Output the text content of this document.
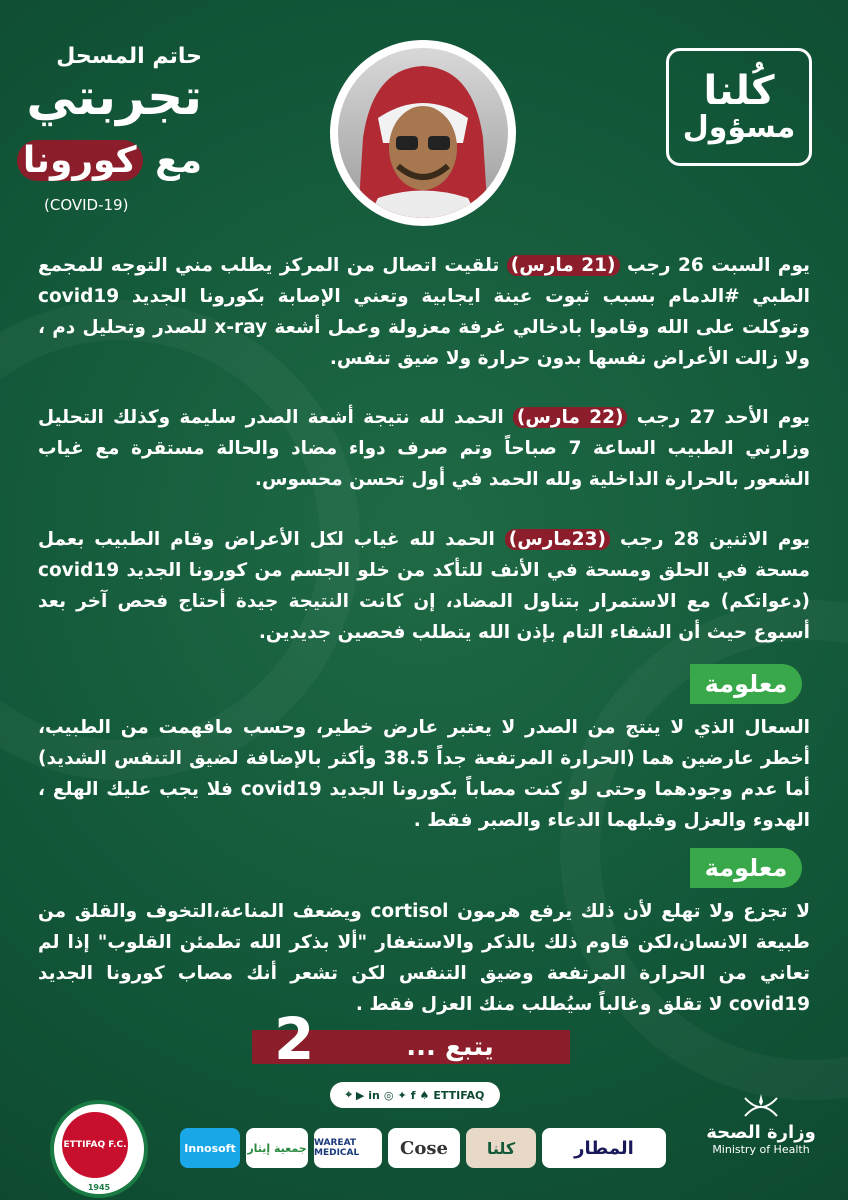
حاتم المسحل
تجربتي
مع كورونا
(COVID-19)
كُلنا
مسؤول
يوم السبت 26 رجب (21 مارس) تلقيت اتصال من المركز يطلب مني التوجه للمجمع الطبي #الدمام بسبب ثبوت عينة ايجابية وتعني الإصابة بكورونا الجديد covid19 وتوكلت على الله وقاموا بادخالي غرفة معزولة وعمل أشعة x-ray للصدر وتحليل دم ، ولا زالت الأعراض نفسها بدون حرارة ولا ضيق تنفس.
يوم الأحد 27 رجب (22 مارس) الحمد لله نتيجة أشعة الصدر سليمة وكذلك التحليل وزارني الطبيب الساعة 7 صباحاً وتم صرف دواء مضاد والحالة مستقرة مع غياب الشعور بالحرارة الداخلية ولله الحمد في أول تحسن محسوس.
يوم الاثنين 28 رجب (23مارس) الحمد لله غياب لكل الأعراض وقام الطبيب بعمل مسحة في الحلق ومسحة في الأنف للتأكد من خلو الجسم من كورونا الجديد covid19 (دعواتكم) مع الاستمرار بتناول المضاد، إن كانت النتيجة جيدة أحتاج فحص آخر بعد أسبوع حيث أن الشفاء التام بإذن الله يتطلب فحصين جديدين.
معلومة
السعال الذي لا ينتج من الصدر لا يعتبر عارض خطير، وحسب مافهمت من الطبيب، أخطر عارضين هما (الحرارة المرتفعة جداً 38.5 وأكثر بالإضافة لضيق التنفس الشديد) أما عدم وجودهما وحتى لو كنت مصاباً بكورونا الجديد covid19 فلا يجب عليك الهلع ، الهدوء والعزل وقبلهما الدعاء والصبر فقط .
معلومة
لا تجزع ولا تهلع لأن ذلك يرفع هرمون cortisol ويضعف المناعة،التخوف والقلق من طبيعة الانسان،لكن قاوم ذلك بالذكر والاستغفار "ألا بذكر الله تطمئن القلوب" إذا لم تعاني من الحرارة المرتفعة وضيق التنفس لكن تشعر أنك مصاب كورونا الجديد covid19 لا تقلق وغالباً سيُطلب منك العزل فقط .
يتبع ...
2
⌖ ▶ in ◎ ✦ f ♠ ETTIFAQ
Innosoft	جمعية إيثار WAREAT MEDICAL	Cose	كلنا	المطار
ETTIFAQ F.C.
1945
وزارة الصحة
Ministry of Health
